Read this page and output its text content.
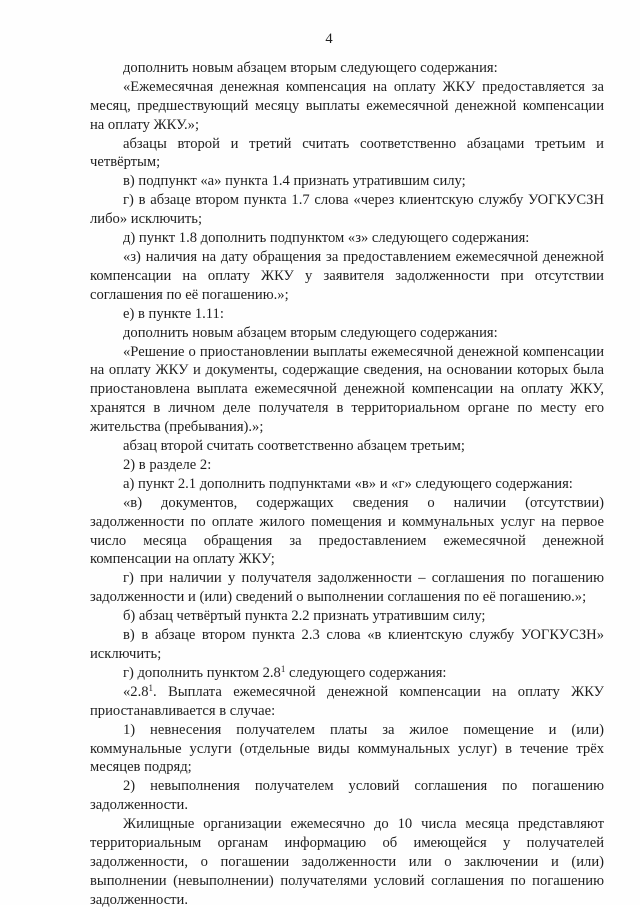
4

дополнить новым абзацем вторым следующего содержания:

«Ежемесячная денежная компенсация на оплату ЖКУ предоставляется за месяц, предшествующий месяцу выплаты ежемесячной денежной компенсации на оплату ЖКУ.»;

абзацы второй и третий считать соответственно абзацами третьим и четвёртым;

в) подпункт «а» пункта 1.4 признать утратившим силу;

г) в абзаце втором пункта 1.7 слова «через клиентскую службу УОГКУСЗН либо» исключить;

д) пункт 1.8 дополнить подпунктом «з» следующего содержания:

«з) наличия на дату обращения за предоставлением ежемесячной денежной компенсации на оплату ЖКУ у заявителя задолженности при отсутствии соглашения по её погашению.»;

е) в пункте 1.11:

дополнить новым абзацем вторым следующего содержания:

«Решение о приостановлении выплаты ежемесячной денежной компенсации на оплату ЖКУ и документы, содержащие сведения, на основании которых была приостановлена выплата ежемесячной денежной компенсации на оплату ЖКУ, хранятся в личном деле получателя в территориальном органе по месту его жительства (пребывания).»;

абзац второй считать соответственно абзацем третьим;

2) в разделе 2:

а) пункт 2.1 дополнить подпунктами «в» и «г» следующего содержания:

«в) документов, содержащих сведения о наличии (отсутствии) задолженности по оплате жилого помещения и коммунальных услуг на первое число месяца обращения за предоставлением ежемесячной денежной компенсации на оплату ЖКУ;

г) при наличии у получателя задолженности – соглашения по погашению задолженности и (или) сведений о выполнении соглашения по её погашению.»;

б) абзац четвёртый пункта 2.2 признать утратившим силу;

в) в абзаце втором пункта 2.3 слова «в клиентскую службу УОГКУСЗН» исключить;

г) дополнить пунктом $2.8^1$ следующего содержания:

«$2.8^1$. Выплата ежемесячной денежной компенсации на оплату ЖКУ приостанавливается в случае:

1) невнесения получателем платы за жилое помещение и (или) коммунальные услуги (отдельные виды коммунальных услуг) в течение трёх месяцев подряд;

2) невыполнения получателем условий соглашения по погашению задолженности.

Жилищные организации ежемесячно до 10 числа месяца представляют территориальным органам информацию об имеющейся у получателей задолженности, о погашении задолженности или о заключении и (или) выполнении (невыполнении) получателями условий соглашения по погашению задолженности.
